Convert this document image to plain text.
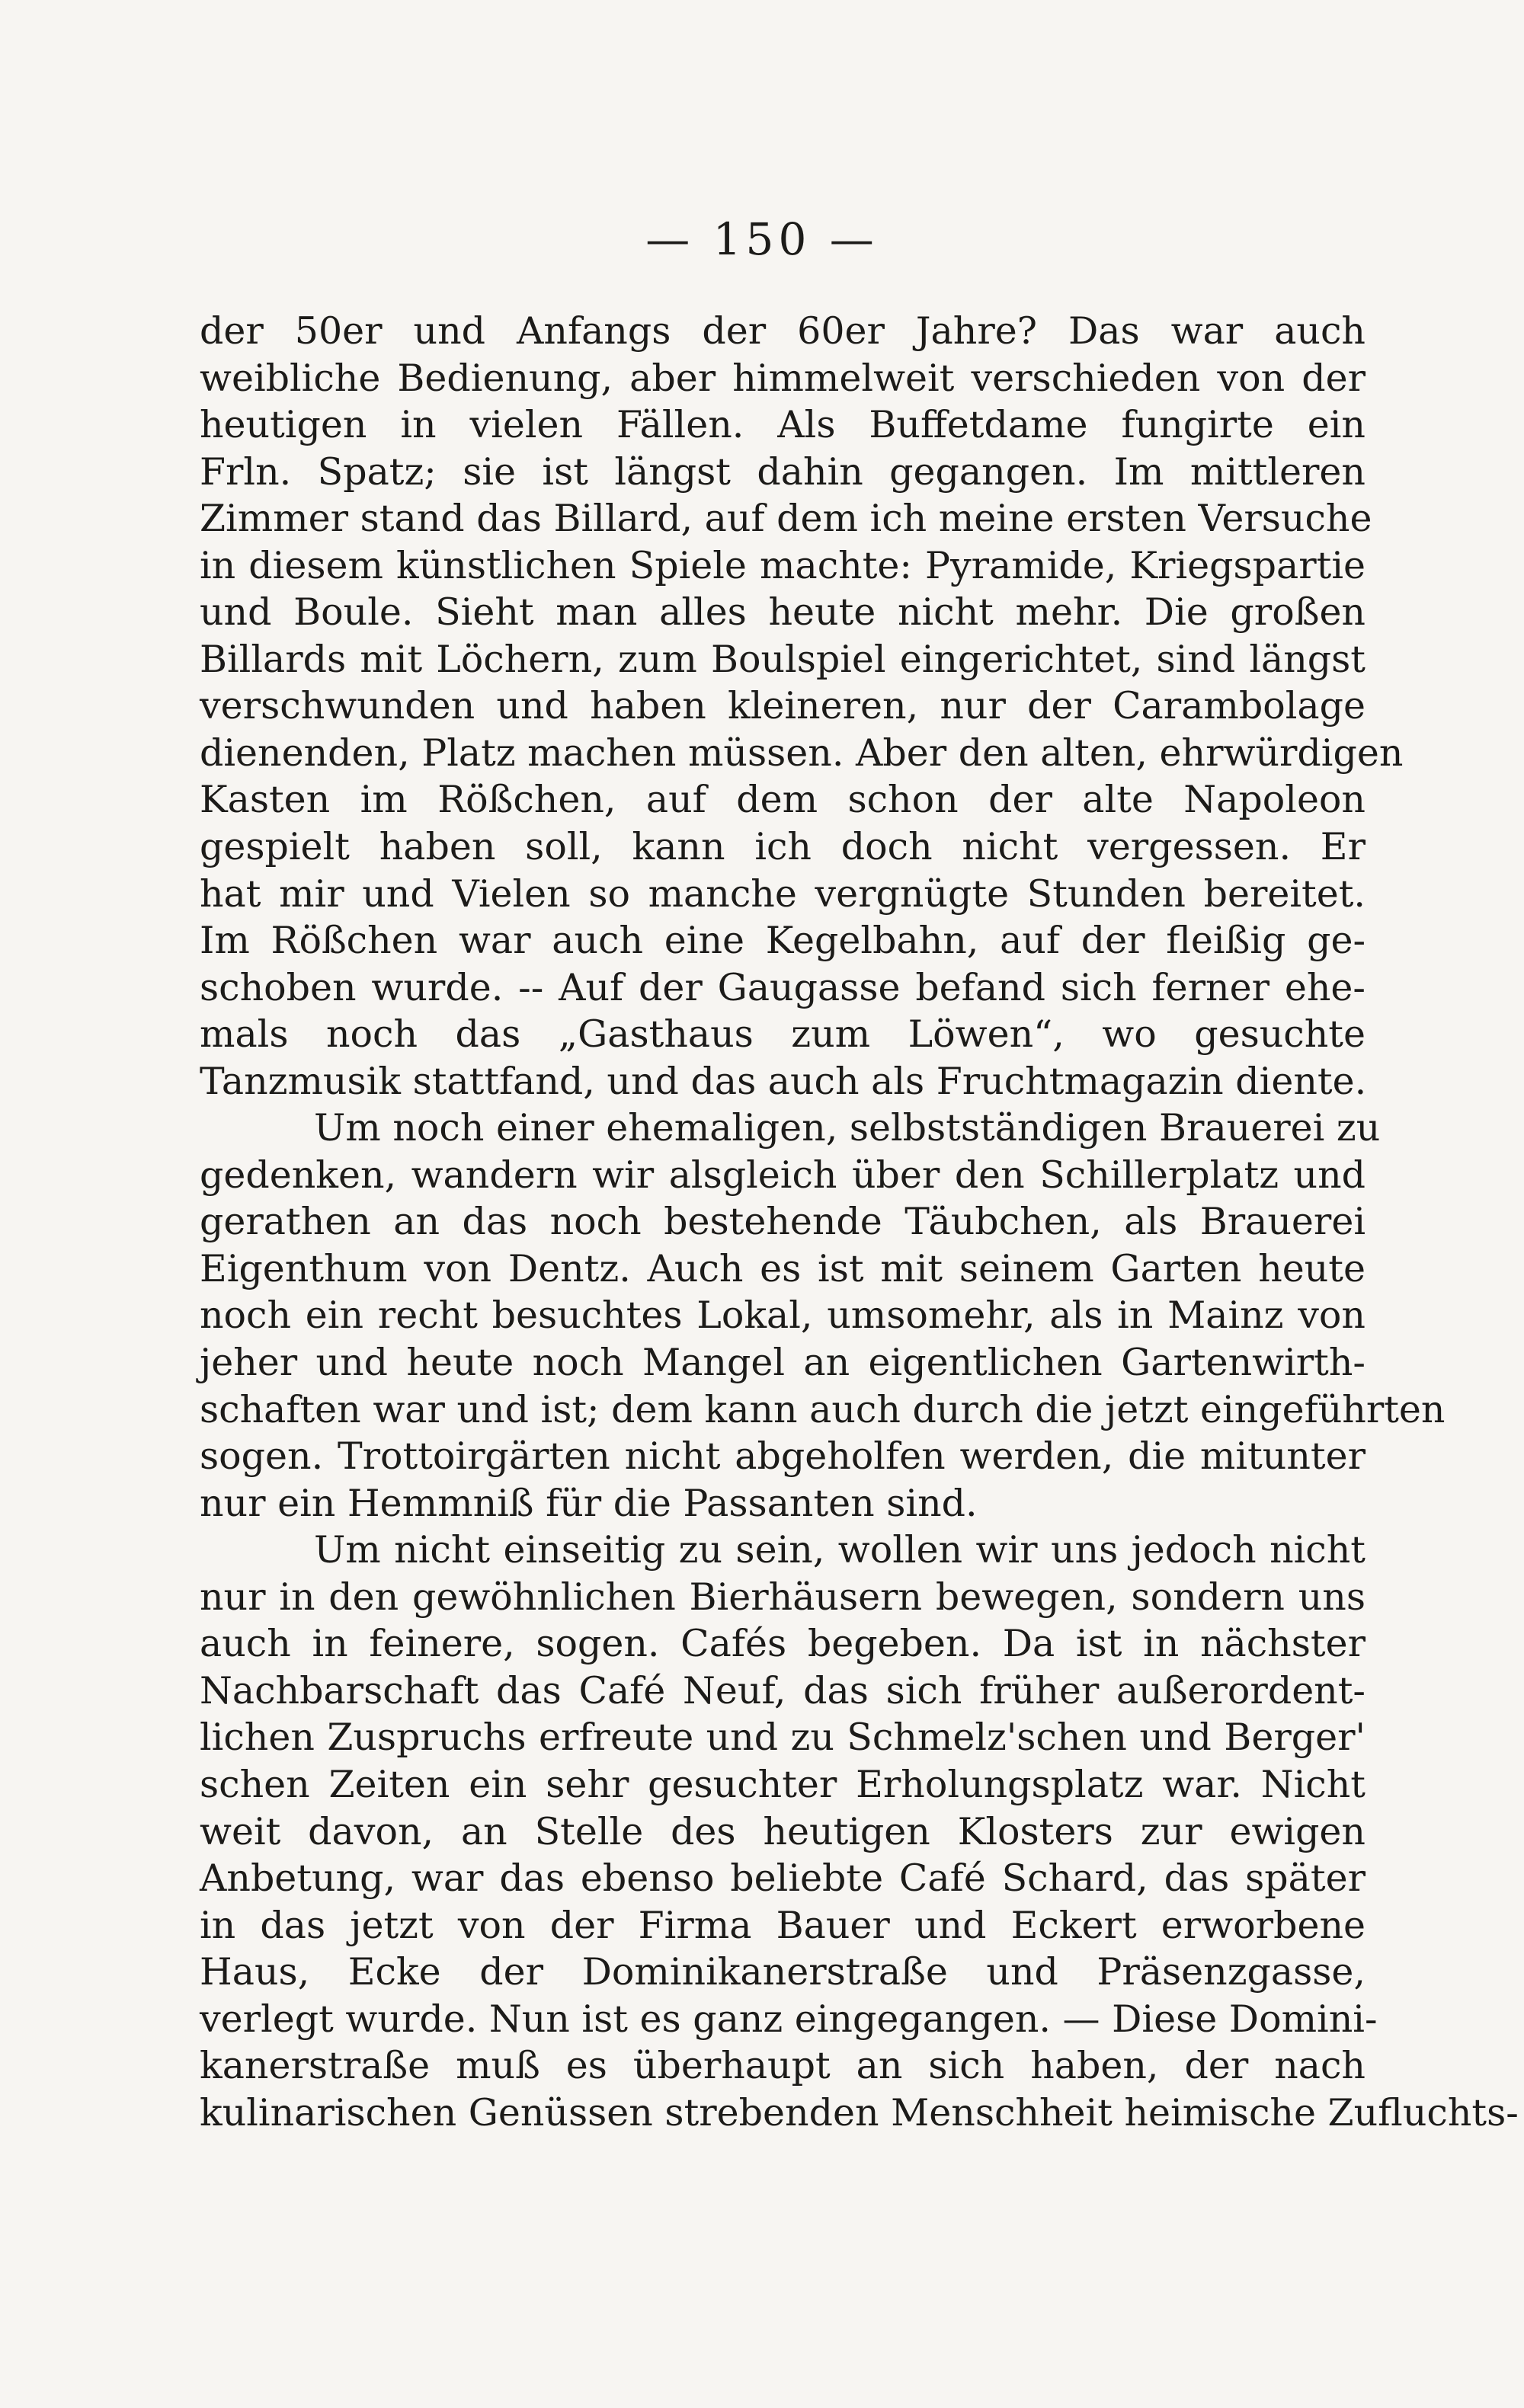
— 150 —
der 50er und Anfangs der 60er Jahre? Das war auch
weibliche Bedienung, aber himmelweit verschieden von der
heutigen in vielen Fällen. Als Buffetdame fungirte ein
Frln. Spatz; sie ist längst dahin gegangen. Im mittleren
Zimmer stand das Billard, auf dem ich meine ersten Versuche
in diesem künstlichen Spiele machte: Pyramide, Kriegspartie
und Boule. Sieht man alles heute nicht mehr. Die großen
Billards mit Löchern, zum Boulspiel eingerichtet, sind längst
verschwunden und haben kleineren, nur der Carambolage
dienenden, Platz machen müssen. Aber den alten, ehrwürdigen
Kasten im Rößchen, auf dem schon der alte Napoleon
gespielt haben soll, kann ich doch nicht vergessen. Er
hat mir und Vielen so manche vergnügte Stunden bereitet.
Im Rößchen war auch eine Kegelbahn, auf der fleißig ge-
schoben wurde. -- Auf der Gaugasse befand sich ferner ehe-
mals noch das „Gasthaus zum Löwen“, wo gesuchte
Tanzmusik stattfand, und das auch als Fruchtmagazin diente.
Um noch einer ehemaligen, selbstständigen Brauerei zu
gedenken, wandern wir alsgleich über den Schillerplatz und
gerathen an das noch bestehende Täubchen, als Brauerei
Eigenthum von Dentz. Auch es ist mit seinem Garten heute
noch ein recht besuchtes Lokal, umsomehr, als in Mainz von
jeher und heute noch Mangel an eigentlichen Gartenwirth-
schaften war und ist; dem kann auch durch die jetzt eingeführten
sogen. Trottoirgärten nicht abgeholfen werden, die mitunter
nur ein Hemmniß für die Passanten sind.
Um nicht einseitig zu sein, wollen wir uns jedoch nicht
nur in den gewöhnlichen Bierhäusern bewegen, sondern uns
auch in feinere, sogen. Cafés begeben. Da ist in nächster
Nachbarschaft das Café Neuf, das sich früher außerordent-
lichen Zuspruchs erfreute und zu Schmelz'schen und Berger'
schen Zeiten ein sehr gesuchter Erholungsplatz war. Nicht
weit davon, an Stelle des heutigen Klosters zur ewigen
Anbetung, war das ebenso beliebte Café Schard, das später
in das jetzt von der Firma Bauer und Eckert erworbene
Haus, Ecke der Dominikanerstraße und Präsenzgasse,
verlegt wurde. Nun ist es ganz eingegangen. — Diese Domini-
kanerstraße muß es überhaupt an sich haben, der nach
kulinarischen Genüssen strebenden Menschheit heimische Zufluchts-
